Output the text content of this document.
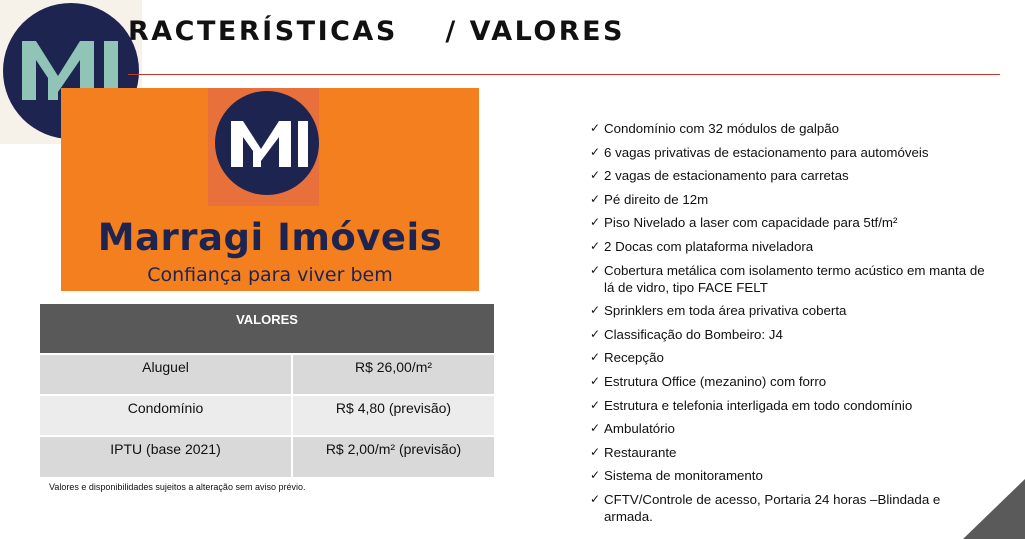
RACTERÍSTICAS    / VALORES
Marragi Imóveis
Confiança para viver bem
VALORES	
Aluguel	R$ 26,00/m²
Condomínio	R$ 4,80 (previsão)
IPTU (base 2021)	R$ 2,00/m² (previsão)
Valores e disponibilidades sujeitos a alteração sem aviso prévio.
✓ Condomínio com 32 módulos de galpão
✓ 6 vagas privativas de estacionamento para automóveis
✓ 2 vagas de estacionamento para carretas
✓ Pé direito de 12m
✓ Piso Nivelado a laser com capacidade para 5tf/m²
✓ 2 Docas com plataforma niveladora
✓ Cobertura metálica com isolamento termo acústico em manta de lá de vidro, tipo FACE FELT
✓ Sprinklers em toda área privativa coberta
✓ Classificação do Bombeiro: J4
✓ Recepção
✓ Estrutura Office (mezanino) com forro
✓ Estrutura e telefonia interligada em todo condomínio
✓ Ambulatório
✓ Restaurante
✓ Sistema de monitoramento
✓ CFTV/Controle de acesso, Portaria 24 horas –Blindada e armada.
